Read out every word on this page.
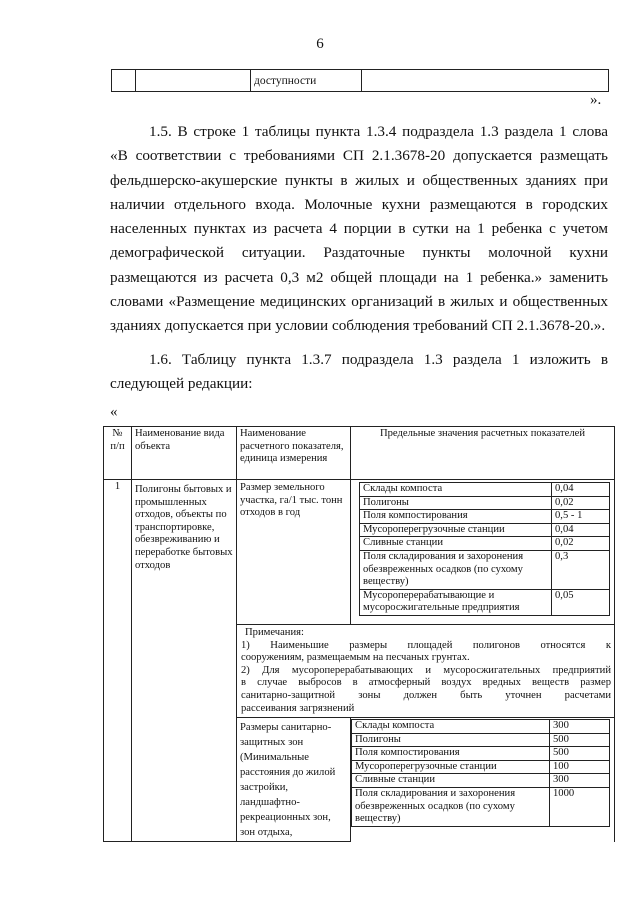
6
		доступности	
».
1.5. В строке 1 таблицы пункта 1.3.4 подраздела 1.3 раздела 1 слова
«В соответствии с требованиями СП 2.1.3678-20 допускается размещать
фельдшерско-акушерские пункты в жилых и общественных зданиях при
наличии отдельного входа. Молочные кухни размещаются в городских
населенных пунктах из расчета 4 порции в сутки на 1 ребенка с учетом
демографической ситуации. Раздаточные пункты молочной кухни
размещаются из расчета 0,3 м2 общей площади на 1 ребенка.» заменить
словами «Размещение медицинских организаций в жилых и общественных
зданиях допускается при условии соблюдения требований СП 2.1.3678-20.».
1.6. Таблицу пункта 1.3.7 подраздела 1.3 раздела 1 изложить в
следующей редакции:
«
№ п/п	Наименование вида объекта	Наименование расчетного показателя, единица измерения	Предельные значения расчетных показателей
1	Полигоны бытовых и промышленных отходов, объекты по транспортировке, обезвреживанию и переработке бытовых отходов	Размер земельного участка, га/1 тыс. тонн отходов в год	
Склады компоста	0,04
Полигоны	0,02
Поля компостирования	0,5 - 1
Мусороперегрузочные станции	0,04
Сливные станции	0,02
Поля складирования и захоронения обезвреженных осадков (по сухому веществу)	0,3
Мусороперерабатывающие и мусоросжигательные предприятия	0,05

Примечания:
1) Наименьшие размеры площадей полигонов относятся к
сооружениям, размещаемым на песчаных грунтах.
2) Для мусороперерабатывающих и мусоросжигательных предприятий
в случае выбросов в атмосферный воздух вредных веществ размер
санитарно-защитной зоны должен быть уточнен расчетами
рассеивания загрязнений

Размеры санитарно-защитных зон (Минимальные расстояния до жилой застройки, ландшафтно-рекреационных зон, зон отдыха,	
Склады компоста	300
Полигоны	500
Поля компостирования	500
Мусороперегрузочные станции	100
Сливные станции	300
Поля складирования и захоронения обезвреженных осадков (по сухому веществу)	1000
